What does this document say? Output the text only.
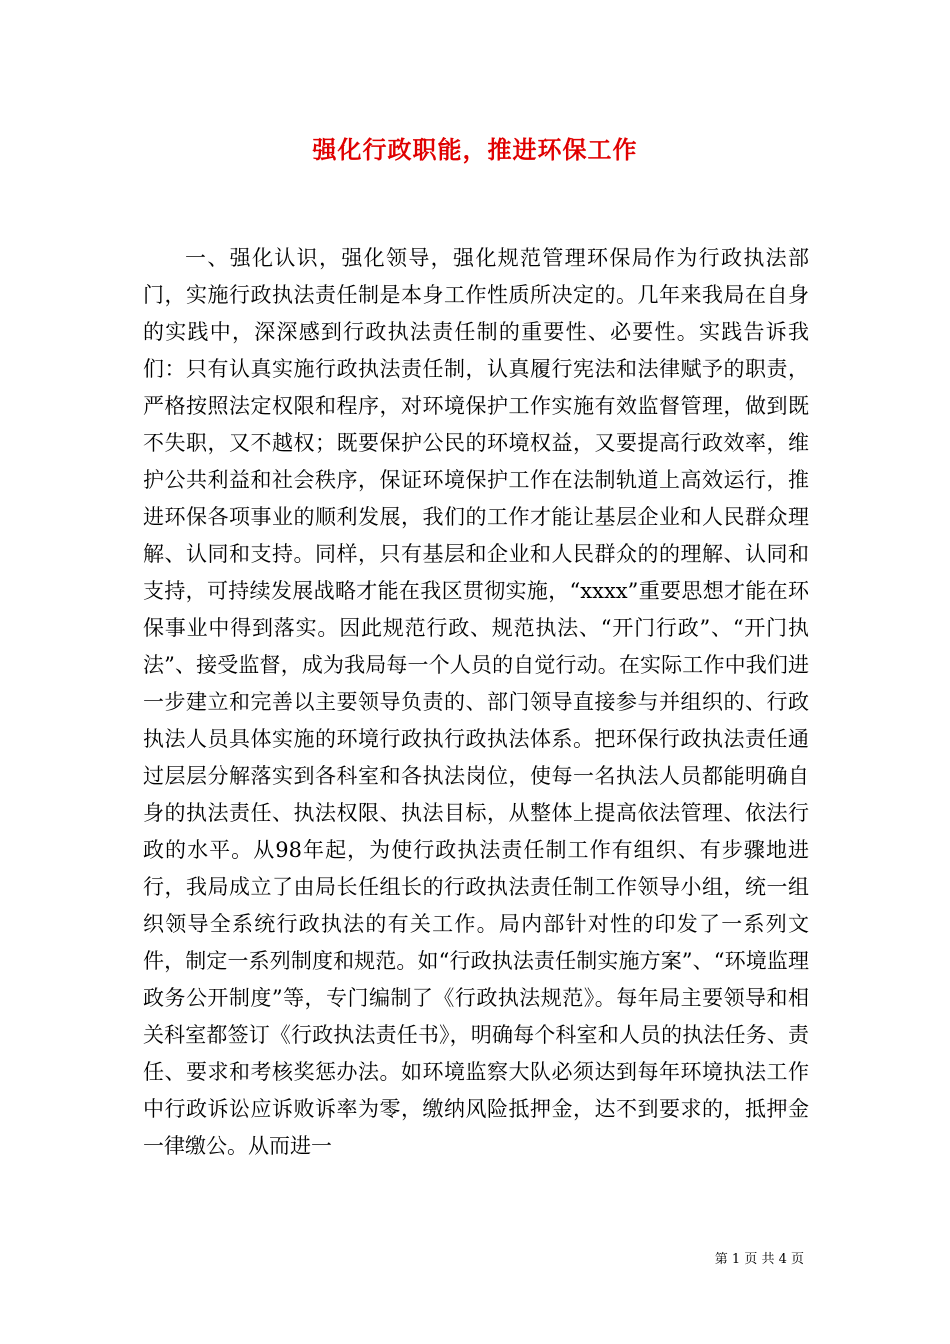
强化行政职能，推进环保工作

一、强化认识，强化领导，强化规范管理环保局作为行政执法部门，实施行政执法责任制是本身工作性质所决定的。几年来我局在自身的实践中，深深感到行政执法责任制的重要性、必要性。实践告诉我们：只有认真实施行政执法责任制，认真履行宪法和法律赋予的职责，严格按照法定权限和程序，对环境保护工作实施有效监督管理，做到既不失职，又不越权；既要保护公民的环境权益，又要提高行政效率，维护公共利益和社会秩序，保证环境保护工作在法制轨道上高效运行，推进环保各项事业的顺利发展，我们的工作才能让基层企业和人民群众理解、认同和支持。同样，只有基层和企业和人民群众的的理解、认同和支持，可持续发展战略才能在我区贯彻实施，“xxxx”重要思想才能在环保事业中得到落实。因此规范行政、规范执法、“开门行政”、“开门执法”、接受监督，成为我局每一个人员的自觉行动。在实际工作中我们进一步建立和完善以主要领导负责的、部门领导直接参与并组织的、行政执法人员具体实施的环境行政执行政执法体系。把环保行政执法责任通过层层分解落实到各科室和各执法岗位，使每一名执法人员都能明确自身的执法责任、执法权限、执法目标，从整体上提高依法管理、依法行政的水平。从98年起，为使行政执法责任制工作有组织、有步骤地进行，我局成立了由局长任组长的行政执法责任制工作领导小组，统一组织领导全系统行政执法的有关工作。局内部针对性的印发了一系列文件，制定一系列制度和规范。如“行政执法责任制实施方案”、“环境监理政务公开制度”等，专门编制了《行政执法规范》。每年局主要领导和相关科室都签订《行政执法责任书》，明确每个科室和人员的执法任务、责任、要求和考核奖惩办法。如环境监察大队必须达到每年环境执法工作中行政诉讼应诉败诉率为零，缴纳风险抵押金，达不到要求的，抵押金一律缴公。从而进一

第 1 页 共 4 页
